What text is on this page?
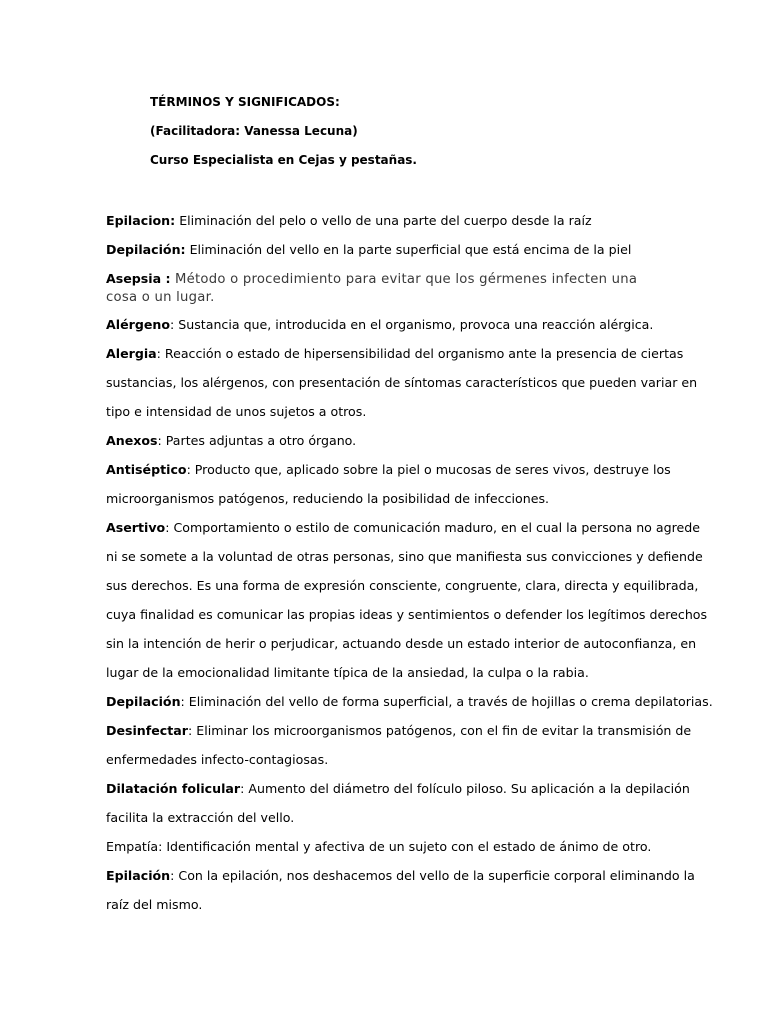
TÉRMINOS Y SIGNIFICADOS:
(Facilitadora: Vanessa Lecuna)
Curso Especialista en Cejas y pestañas.
Epilacion: Eliminación del pelo o vello de una parte del cuerpo desde la raíz
Depilación: Eliminación del vello en la parte superficial que está encima de la piel
Asepsia : Método o procedimiento para evitar que los gérmenes infecten una cosa o un lugar.
Alérgeno: Sustancia que, introducida en el organismo, provoca una reacción alérgica.
Alergia: Reacción o estado de hipersensibilidad del organismo ante la presencia de ciertas
sustancias, los alérgenos, con presentación de síntomas característicos que pueden variar en
tipo e intensidad de unos sujetos a otros.
Anexos: Partes adjuntas a otro órgano.
Antiséptico: Producto que, aplicado sobre la piel o mucosas de seres vivos, destruye los
microorganismos patógenos, reduciendo la posibilidad de infecciones.
Asertivo: Comportamiento o estilo de comunicación maduro, en el cual la persona no agrede
ni se somete a la voluntad de otras personas, sino que manifiesta sus convicciones y defiende
sus derechos. Es una forma de expresión consciente, congruente, clara, directa y equilibrada,
cuya finalidad es comunicar las propias ideas y sentimientos o defender los legítimos derechos
sin la intención de herir o perjudicar, actuando desde un estado interior de autoconfianza, en
lugar de la emocionalidad limitante típica de la ansiedad, la culpa o la rabia.
Depilación: Eliminación del vello de forma superficial, a través de hojillas o crema depilatorias.
Desinfectar: Eliminar los microorganismos patógenos, con el fin de evitar la transmisión de
enfermedades infecto-contagiosas.
Dilatación folicular: Aumento del diámetro del folículo piloso. Su aplicación a la depilación
facilita la extracción del vello.
Empatía: Identificación mental y afectiva de un sujeto con el estado de ánimo de otro.
Epilación: Con la epilación, nos deshacemos del vello de la superficie corporal eliminando la
raíz del mismo.
